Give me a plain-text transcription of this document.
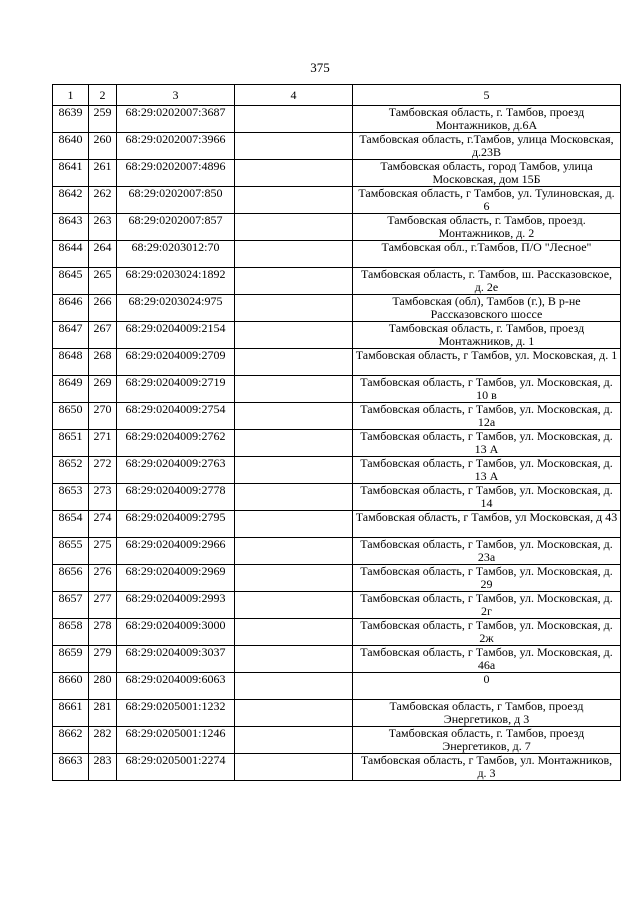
375
1	2	3	4	5
8639	259	68:29:0202007:3687		Тамбовская область, г. Тамбов, проезд Монтажников, д.6А
8640	260	68:29:0202007:3966		Тамбовская область, г.Тамбов, улица Московская, д.23В
8641	261	68:29:0202007:4896		Тамбовская область, город Тамбов, улица Московская, дом 15Б
8642	262	68:29:0202007:850		Тамбовская область, г Тамбов, ул. Тулиновская, д. 6
8643	263	68:29:0202007:857		Тамбовская область, г. Тамбов, проезд. Монтажников, д. 2
8644	264	68:29:0203012:70		Тамбовская обл., г.Тамбов, П/О "Лесное"
8645	265	68:29:0203024:1892		Тамбовская область, г. Тамбов, ш. Рассказовское, д. 2е
8646	266	68:29:0203024:975		Тамбовская (обл), Тамбов (г.), В р-не Рассказовского шоссе
8647	267	68:29:0204009:2154		Тамбовская область, г. Тамбов, проезд Монтажников, д. 1
8648	268	68:29:0204009:2709		Тамбовская область, г Тамбов, ул. Московская, д. 1
8649	269	68:29:0204009:2719		Тамбовская область, г Тамбов, ул. Московская, д. 10 в
8650	270	68:29:0204009:2754		Тамбовская область, г Тамбов, ул. Московская, д. 12а
8651	271	68:29:0204009:2762		Тамбовская область, г Тамбов, ул. Московская, д. 13 А
8652	272	68:29:0204009:2763		Тамбовская область, г Тамбов, ул. Московская, д. 13 А
8653	273	68:29:0204009:2778		Тамбовская область, г Тамбов, ул. Московская, д. 14
8654	274	68:29:0204009:2795		Тамбовская область, г Тамбов, ул Московская, д 43
8655	275	68:29:0204009:2966		Тамбовская область, г Тамбов, ул. Московская, д. 23а
8656	276	68:29:0204009:2969		Тамбовская область, г Тамбов, ул. Московская, д. 29
8657	277	68:29:0204009:2993		Тамбовская область, г Тамбов, ул. Московская, д. 2г
8658	278	68:29:0204009:3000		Тамбовская область, г Тамбов, ул. Московская, д. 2ж
8659	279	68:29:0204009:3037		Тамбовская область, г Тамбов, ул. Московская, д. 46а
8660	280	68:29:0204009:6063		0
8661	281	68:29:0205001:1232		Тамбовская область, г Тамбов, проезд Энергетиков, д 3
8662	282	68:29:0205001:1246		Тамбовская область, г. Тамбов, проезд Энергетиков, д. 7
8663	283	68:29:0205001:2274		Тамбовская область, г Тамбов, ул. Монтажников, д. 3
